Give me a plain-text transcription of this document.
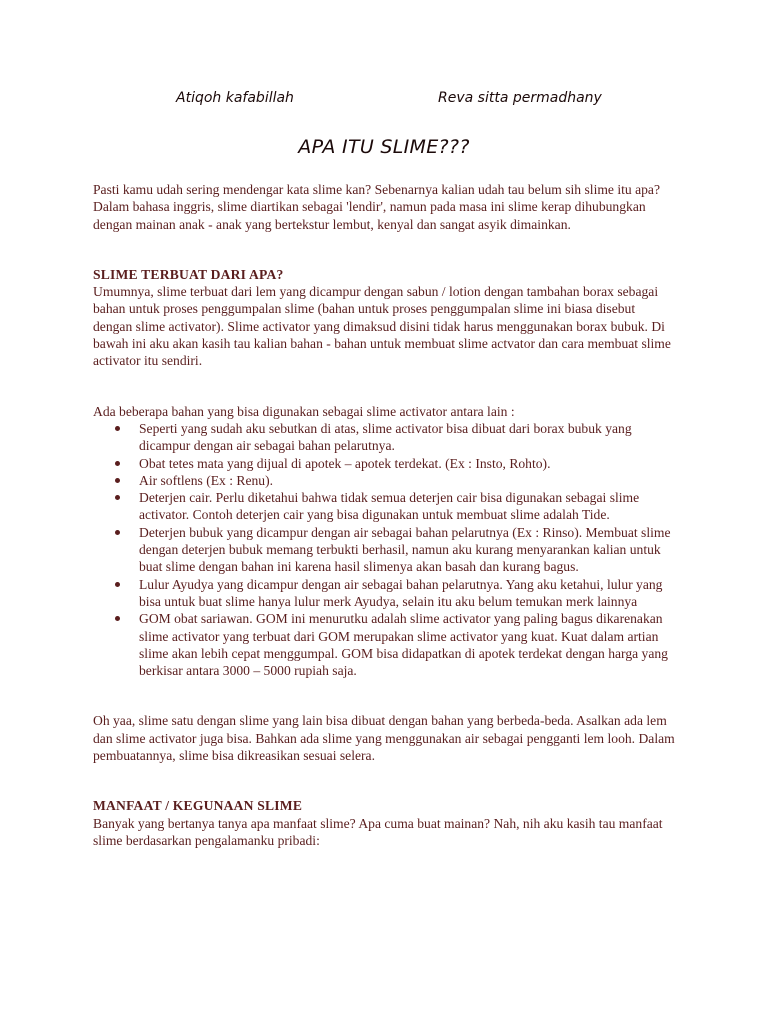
Atiqoh kafabillah	Reva sitta permadhany
APA ITU SLIME???

Pasti kamu udah sering mendengar kata slime kan? Sebenarnya kalian udah tau belum sih slime itu apa? Dalam bahasa inggris, slime diartikan sebagai 'lendir', namun pada masa ini slime kerap dihubungkan dengan mainan anak - anak yang bertekstur lembut, kenyal dan sangat asyik dimainkan.

SLIME TERBUAT DARI APA?

Umumnya, slime terbuat dari lem yang dicampur dengan sabun / lotion dengan tambahan borax sebagai bahan untuk proses penggumpalan slime (bahan untuk proses penggumpalan slime ini biasa disebut dengan slime activator). Slime activator yang dimaksud disini tidak harus menggunakan borax bubuk. Di bawah ini aku akan kasih tau kalian bahan - bahan untuk membuat slime actvator dan cara membuat slime activator itu sendiri.

Ada beberapa bahan yang bisa digunakan sebagai slime activator antara lain :

Seperti yang sudah aku sebutkan di atas, slime activator bisa dibuat dari borax bubuk yang dicampur dengan air sebagai bahan pelarutnya.
Obat tetes mata yang dijual di apotek – apotek terdekat. (Ex : Insto, Rohto).
Air softlens (Ex : Renu).
Deterjen cair. Perlu diketahui bahwa tidak semua deterjen cair bisa digunakan sebagai slime activator. Contoh deterjen cair yang bisa digunakan untuk membuat slime adalah Tide.
Deterjen bubuk yang dicampur dengan air sebagai bahan pelarutnya (Ex : Rinso). Membuat slime dengan deterjen bubuk memang terbukti berhasil, namun aku kurang menyarankan kalian untuk buat slime dengan bahan ini karena hasil slimenya akan basah dan kurang bagus.
Lulur Ayudya yang dicampur dengan air sebagai bahan pelarutnya. Yang aku ketahui, lulur yang bisa untuk buat slime hanya lulur merk Ayudya, selain itu aku belum temukan merk lainnya
GOM obat sariawan. GOM ini menurutku adalah slime activator yang paling bagus dikarenakan slime activator yang terbuat dari GOM merupakan slime activator yang kuat. Kuat dalam artian slime akan lebih cepat menggumpal. GOM bisa didapatkan di apotek terdekat dengan harga yang berkisar antara 3000 – 5000 rupiah saja.

Oh yaa, slime satu dengan slime yang lain bisa dibuat dengan bahan yang berbeda-beda. Asalkan ada lem dan slime activator juga bisa. Bahkan ada slime yang menggunakan air sebagai pengganti lem looh. Dalam pembuatannya, slime bisa dikreasikan sesuai selera.

MANFAAT / KEGUNAAN SLIME

Banyak yang bertanya tanya apa manfaat slime? Apa cuma buat mainan? Nah, nih aku kasih tau manfaat slime berdasarkan pengalamanku pribadi:
